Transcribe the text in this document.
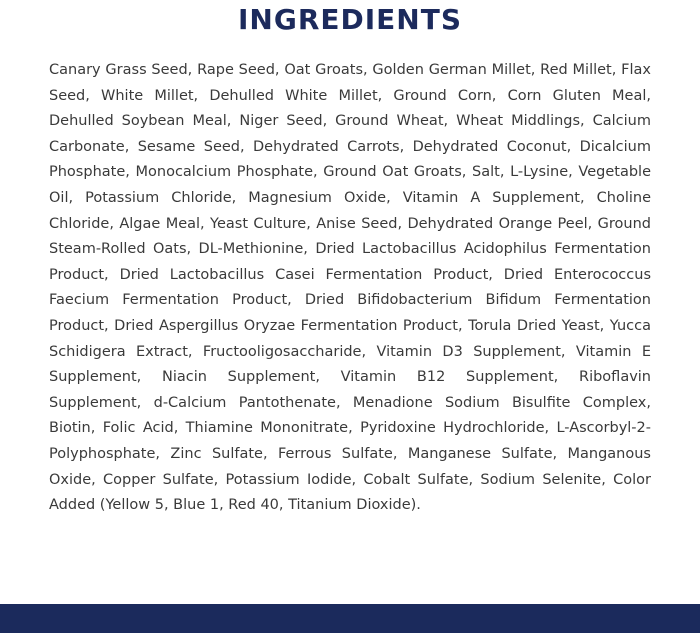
INGREDIENTS

Canary Grass Seed, Rape Seed, Oat Groats, Golden German Millet, Red Millet, Flax Seed, White Millet, Dehulled White Millet, Ground Corn, Corn Gluten Meal, Dehulled Soybean Meal, Niger Seed, Ground Wheat, Wheat Middlings, Calcium Carbonate, Sesame Seed, Dehydrated Carrots, Dehydrated Coconut, Dicalcium Phosphate, Monocalcium Phosphate, Ground Oat Groats, Salt, L-Lysine, Vegetable Oil, Potassium Chloride, Magnesium Oxide, Vitamin A Supplement, Choline Chloride, Algae Meal, Yeast Culture, Anise Seed, Dehydrated Orange Peel, Ground Steam-Rolled Oats, DL-Methionine, Dried Lactobacillus Acidophilus Fermentation Product, Dried Lactobacillus Casei Fermentation Product, Dried Enterococcus Faecium Fermentation Product, Dried Bifidobacterium Bifidum Fermentation Product, Dried Aspergillus Oryzae Fermentation Product, Torula Dried Yeast, Yucca Schidigera Extract, Fructooligosaccharide, Vitamin D3 Supplement, Vitamin E Supplement, Niacin Supplement, Vitamin B12 Supplement, Riboflavin Supplement, d-Calcium Pantothenate, Menadione Sodium Bisulfite Complex, Biotin, Folic Acid, Thiamine Mononitrate, Pyridoxine Hydrochloride, L-Ascorbyl-2-Polyphosphate, Zinc Sulfate, Ferrous Sulfate, Manganese Sulfate, Manganous Oxide, Copper Sulfate, Potassium Iodide, Cobalt Sulfate, Sodium Selenite, Color Added (Yellow 5, Blue 1, Red 40, Titanium Dioxide).
